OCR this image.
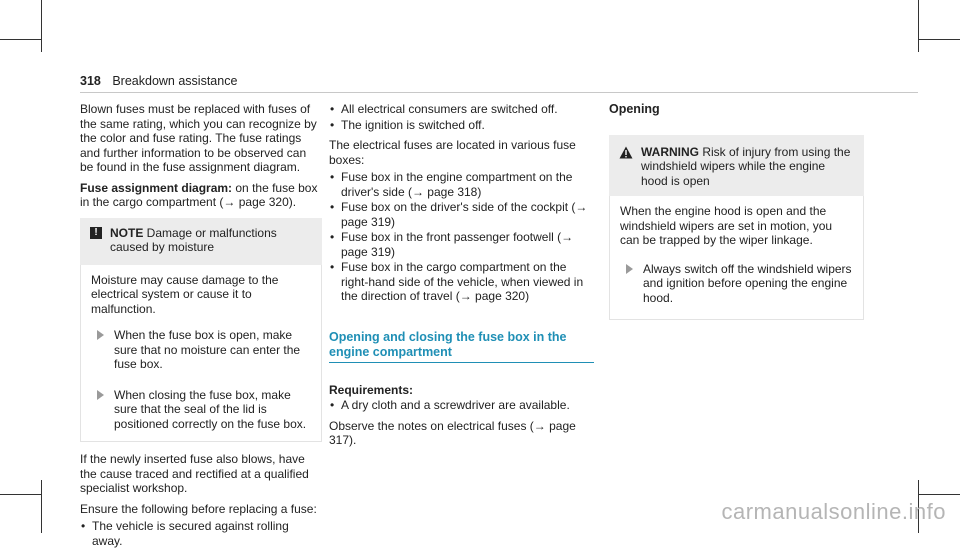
318 Breakdown assistance

Blown fuses must be replaced with fuses of the same rating, which you can recognize by the color and fuse rating. The fuse ratings and further information to be observed can be found in the fuse assignment diagram.

Fuse assignment diagram: on the fuse box in the cargo compartment (→ page 320).

!	NOTE Damage or malfunctions caused by moisture
Moisture may cause damage to the electrical system or cause it to malfunction.
When the fuse box is open, make sure that no moisture can enter the fuse box.
When closing the fuse box, make sure that the seal of the lid is positioned correctly on the fuse box.

If the newly inserted fuse also blows, have the cause traced and rectified at a qualified specialist workshop.

Ensure the following before replacing a fuse:

• The vehicle is secured against rolling away.
• All electrical consumers are switched off.
• The ignition is switched off.

The electrical fuses are located in various fuse boxes:

• Fuse box in the engine compartment on the driver's side (→ page 318)
• Fuse box on the driver's side of the cockpit (→ page 319)
• Fuse box in the front passenger footwell (→ page 319)
• Fuse box in the cargo compartment on the right-hand side of the vehicle, when viewed in the direction of travel (→ page 320)
Opening and closing the fuse box in the engine compartment

Requirements:

• A dry cloth and a screwdriver are available.

Observe the notes on electrical fuses (→ page 317).

Opening
WARNING Risk of injury from using the windshield wipers while the engine hood is open
When the engine hood is open and the windshield wipers are set in motion, you can be trapped by the wiper linkage.
Always switch off the windshield wipers and ignition before opening the engine hood.
carmanualsonline.info
